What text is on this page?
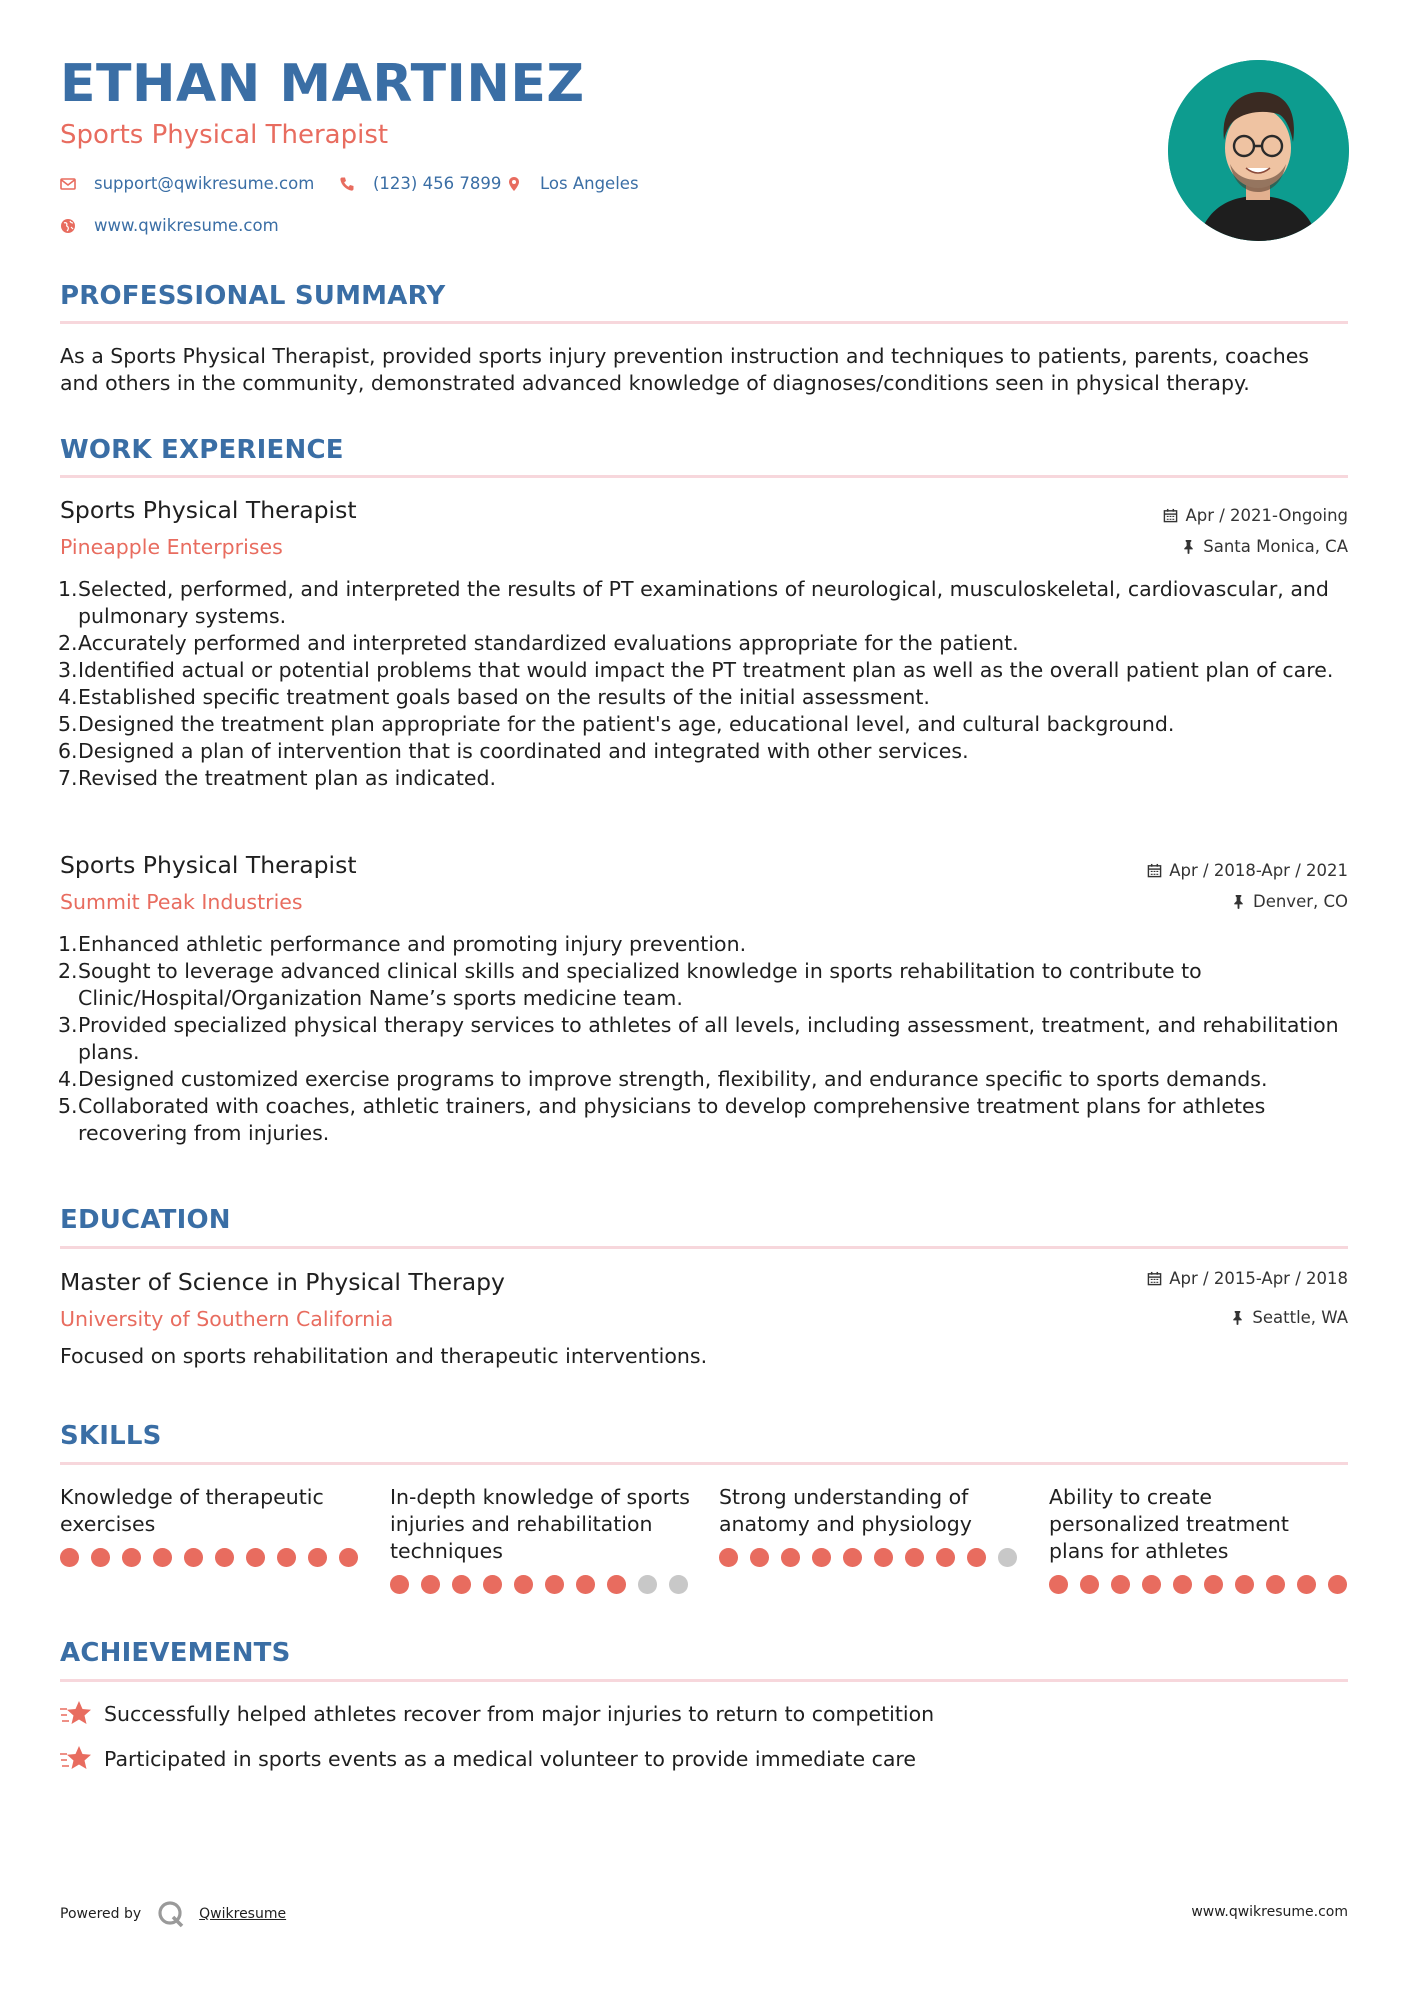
ETHAN MARTINEZ
Sports Physical Therapist
support@qwikresume.com	(123) 456 7899 Los Angeles
www.qwikresume.com
PROFESSIONAL SUMMARY
As a Sports Physical Therapist, provided sports injury prevention instruction and techniques to patients, parents, coaches and others in the community, demonstrated advanced knowledge of diagnoses/conditions seen in physical therapy.
WORK EXPERIENCE
Sports Physical Therapist
Pineapple Enterprises
Apr / 2021-Ongoing
Santa Monica, CA
1. Selected, performed, and interpreted the results of PT examinations of neurological, musculoskeletal, cardiovascular, and pulmonary systems.
2. Accurately performed and interpreted standardized evaluations appropriate for the patient.
3. Identified actual or potential problems that would impact the PT treatment plan as well as the overall patient plan of care.
4. Established specific treatment goals based on the results of the initial assessment.
5. Designed the treatment plan appropriate for the patient's age, educational level, and cultural background.
6. Designed a plan of intervention that is coordinated and integrated with other services.
7. Revised the treatment plan as indicated.
Sports Physical Therapist
Summit Peak Industries
Apr / 2018-Apr / 2021
Denver, CO
1. Enhanced athletic performance and promoting injury prevention.
2. Sought to leverage advanced clinical skills and specialized knowledge in sports rehabilitation to contribute to Clinic/Hospital/Organization Name’s sports medicine team.
3. Provided specialized physical therapy services to athletes of all levels, including assessment, treatment, and rehabilitation plans.
4. Designed customized exercise programs to improve strength, flexibility, and endurance specific to sports demands.
5. Collaborated with coaches, athletic trainers, and physicians to develop comprehensive treatment plans for athletes recovering from injuries.
EDUCATION
Master of Science in Physical Therapy
University of Southern California
Apr / 2015-Apr / 2018
Seattle, WA
Focused on sports rehabilitation and therapeutic interventions.
SKILLS
Knowledge of therapeutic exercises
In-depth knowledge of sports injuries and rehabilitation techniques
Strong understanding of anatomy and physiology
Ability to create personalized treatment plans for athletes
ACHIEVEMENTS
Successfully helped athletes recover from major injuries to return to competition
Participated in sports events as a medical volunteer to provide immediate care
Powered by	Qwikresume	www.qwikresume.com
